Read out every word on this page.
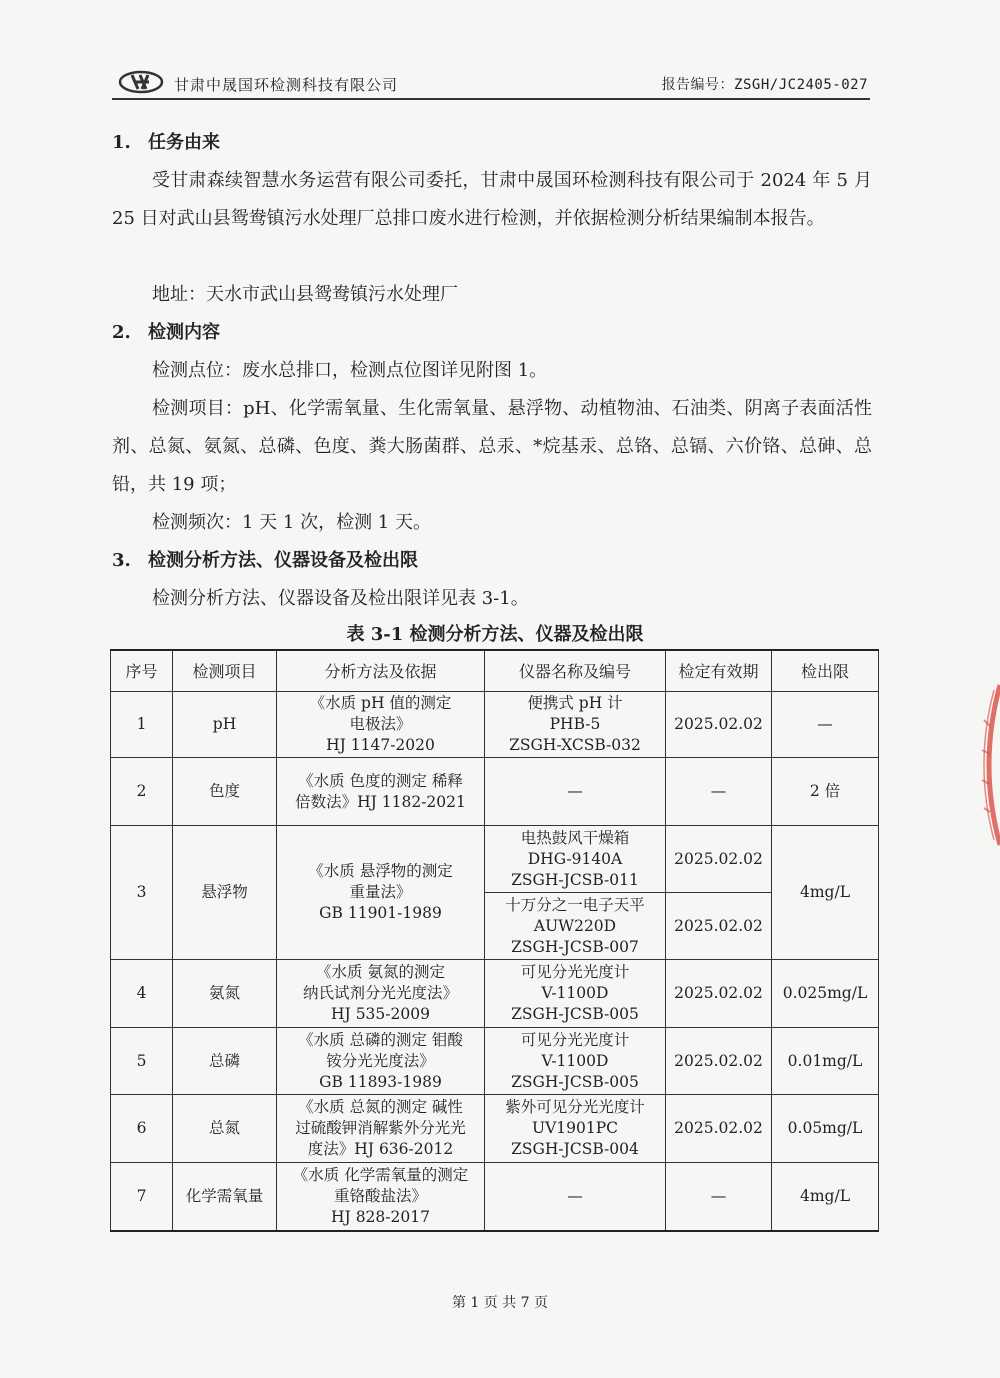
甘肃中晟国环检测科技有限公司	报告编号：ZSGH/JC2405-027
1. 任务由来
受甘肃森续智慧水务运营有限公司委托，甘肃中晟国环检测科技有限公司于 2024 年 5 月 25 日对武山县鸳鸯镇污水处理厂总排口废水进行检测，并依据检测分析结果编制本报告。
地址：天水市武山县鸳鸯镇污水处理厂
2. 检测内容
检测点位：废水总排口，检测点位图详见附图 1。
检测项目：pH、化学需氧量、生化需氧量、悬浮物、动植物油、石油类、阴离子表面活性剂、总氮、氨氮、总磷、色度、粪大肠菌群、总汞、*烷基汞、总铬、总镉、六价铬、总砷、总铅，共 19 项；
检测频次：1 天 1 次，检测 1 天。
3. 检测分析方法、仪器设备及检出限
检测分析方法、仪器设备及检出限详见表 3-1。
表 3-1 检测分析方法、仪器及检出限
序号	检测项目	分析方法及依据	仪器名称及编号	检定有效期	检出限
1	pH	《水质 pH 值的测定
电极法》
HJ 1147-2020	便携式 pH 计
PHB-5
ZSGH-XCSB-032	2025.02.02	—
2	色度	《水质 色度的测定 稀释
倍数法》HJ 1182-2021	—	—	2 倍
3	悬浮物	《水质 悬浮物的测定
重量法》
GB 11901-1989	电热鼓风干燥箱
DHG-9140A
ZSGH-JCSB-011	2025.02.02	4mg/L
			十万分之一电子天平
AUW220D
ZSGH-JCSB-007	2025.02.02	
4	氨氮	《水质 氨氮的测定
纳氏试剂分光光度法》
HJ 535-2009	可见分光光度计
V-1100D
ZSGH-JCSB-005	2025.02.02	0.025mg/L
5	总磷	《水质 总磷的测定 钼酸
铵分光光度法》
GB 11893-1989	可见分光光度计
V-1100D
ZSGH-JCSB-005	2025.02.02	0.01mg/L
6	总氮	《水质 总氮的测定 碱性
过硫酸钾消解紫外分光光
度法》HJ 636-2012	紫外可见分光光度计
UV1901PC
ZSGH-JCSB-004	2025.02.02	0.05mg/L
7	化学需氧量	《水质 化学需氧量的测定
重铬酸盐法》
HJ 828-2017	—	—	4mg/L
第 1 页 共 7 页
